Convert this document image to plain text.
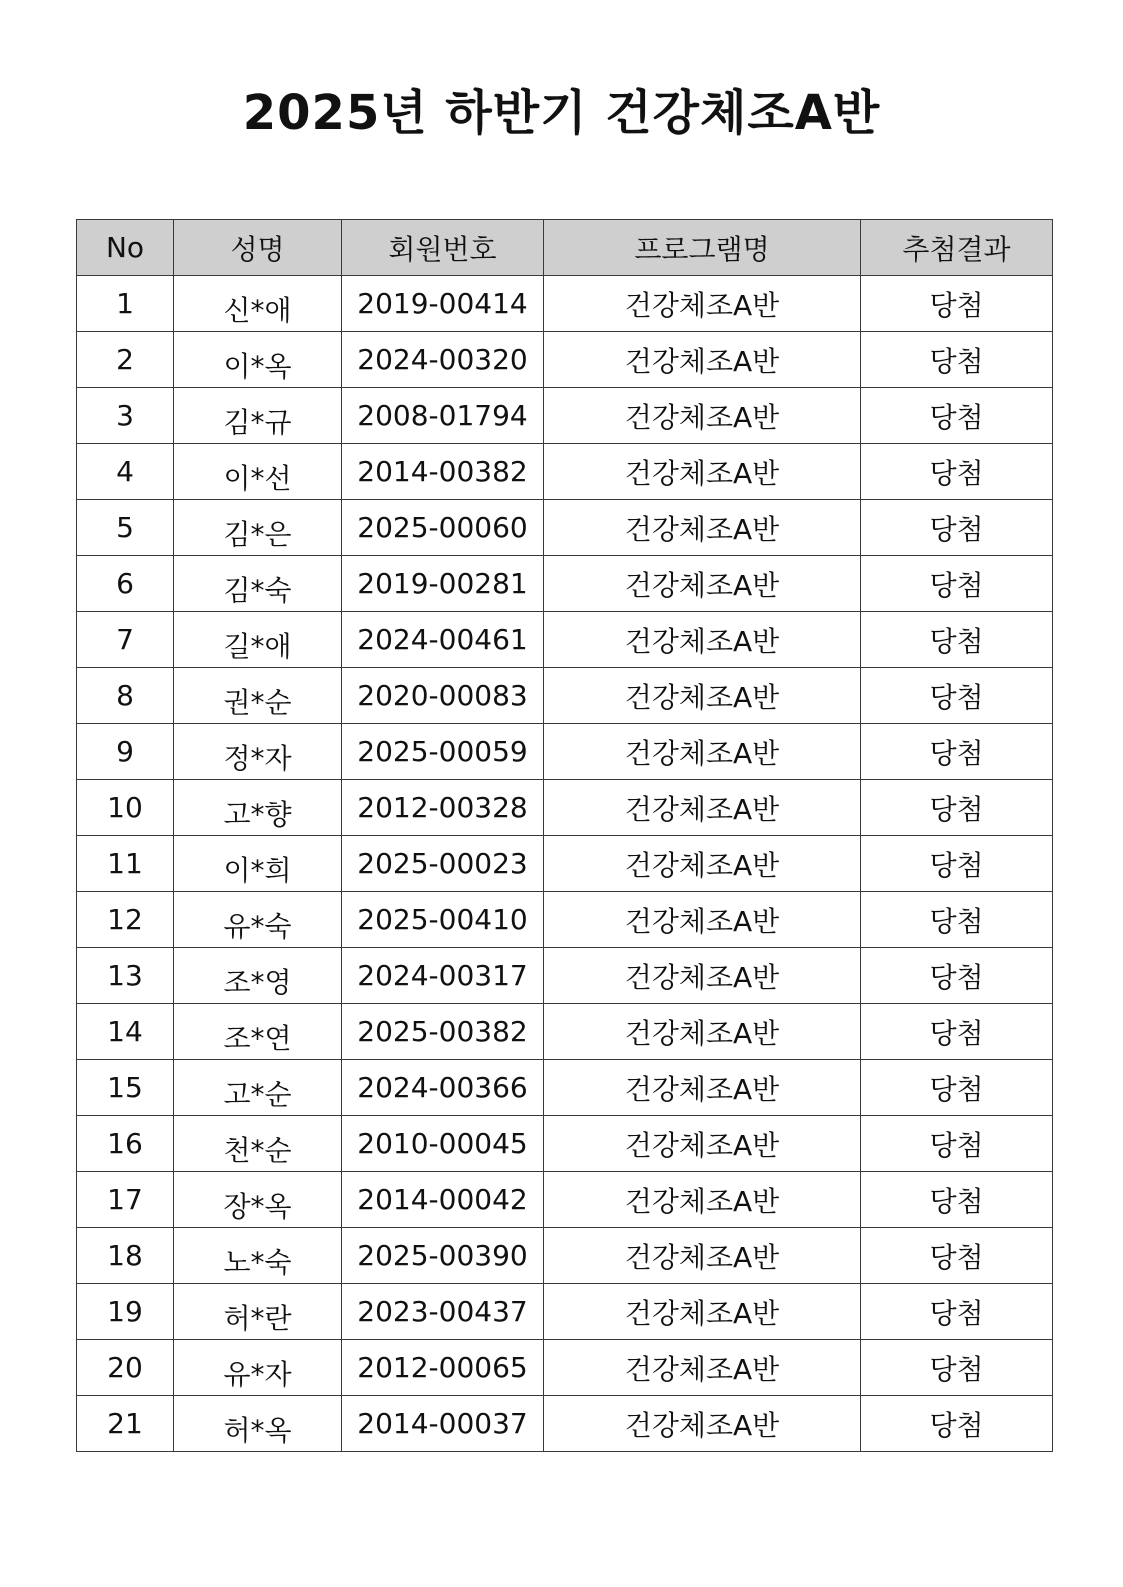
2025년 하반기 건강체조A반
No	성명	회원번호	프로그램명	추첨결과
1	신*애	2019-00414	건강체조A반	당첨
2	이*옥	2024-00320	건강체조A반	당첨
3	김*규	2008-01794	건강체조A반	당첨
4	이*선	2014-00382	건강체조A반	당첨
5	김*은	2025-00060	건강체조A반	당첨
6	김*숙	2019-00281	건강체조A반	당첨
7	길*애	2024-00461	건강체조A반	당첨
8	권*순	2020-00083	건강체조A반	당첨
9	정*자	2025-00059	건강체조A반	당첨
10	고*향	2012-00328	건강체조A반	당첨
11	이*희	2025-00023	건강체조A반	당첨
12	유*숙	2025-00410	건강체조A반	당첨
13	조*영	2024-00317	건강체조A반	당첨
14	조*연	2025-00382	건강체조A반	당첨
15	고*순	2024-00366	건강체조A반	당첨
16	천*순	2010-00045	건강체조A반	당첨
17	장*옥	2014-00042	건강체조A반	당첨
18	노*숙	2025-00390	건강체조A반	당첨
19	허*란	2023-00437	건강체조A반	당첨
20	유*자	2012-00065	건강체조A반	당첨
21	허*옥	2014-00037	건강체조A반	당첨
